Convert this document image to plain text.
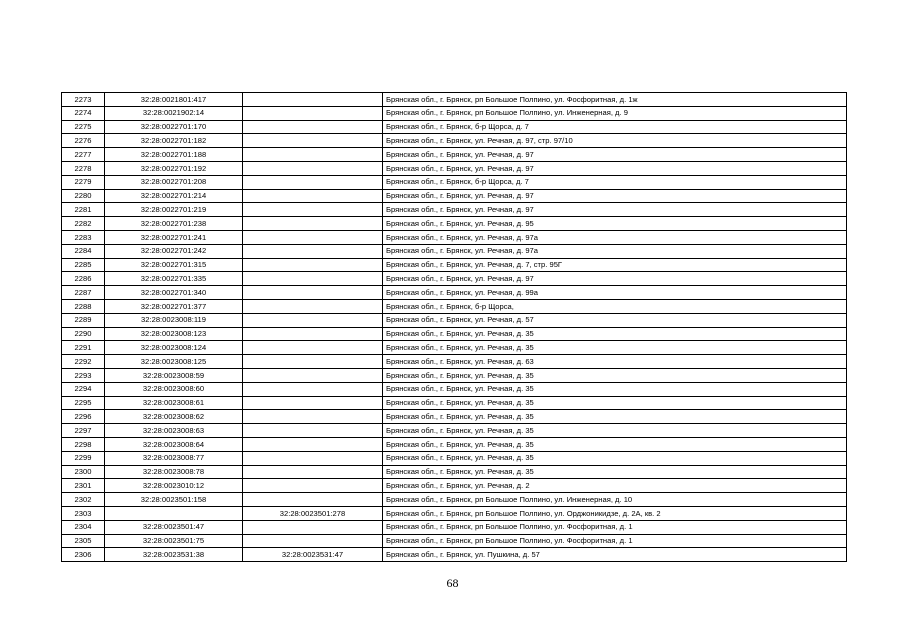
2273	32:28:0021801:417		Брянская обл., г. Брянск, рп Большое Полпино, ул. Фосфоритная, д. 1ж
2274	32:28:0021902:14		Брянская обл., г. Брянск, рп Большое Полпино, ул. Инженерная, д. 9
2275	32:28:0022701:170		Брянская обл., г. Брянск, б-р Щорса, д. 7
2276	32:28:0022701:182		Брянская обл., г. Брянск, ул. Речная, д. 97, стр. 97/10
2277	32:28:0022701:188		Брянская обл., г. Брянск, ул. Речная, д. 97
2278	32:28:0022701:192		Брянская обл., г. Брянск, ул. Речная, д. 97
2279	32:28:0022701:208		Брянская обл., г. Брянск, б-р Щорса, д. 7
2280	32:28:0022701:214		Брянская обл., г. Брянск, ул. Речная, д. 97
2281	32:28:0022701:219		Брянская обл., г. Брянск, ул. Речная, д. 97
2282	32:28:0022701:238		Брянская обл., г. Брянск, ул. Речная, д. 95
2283	32:28:0022701:241		Брянская обл., г. Брянск, ул. Речная, д. 97а
2284	32:28:0022701:242		Брянская обл., г. Брянск, ул. Речная, д. 97а
2285	32:28:0022701:315		Брянская обл., г. Брянск, ул. Речная, д. 7, стр. 95Г
2286	32:28:0022701:335		Брянская обл., г. Брянск, ул. Речная, д. 97
2287	32:28:0022701:340		Брянская обл., г. Брянск, ул. Речная, д. 99а
2288	32:28:0022701:377		Брянская обл., г. Брянск, б-р Щорса,
2289	32:28:0023008:119		Брянская обл., г. Брянск, ул. Речная, д. 57
2290	32:28:0023008:123		Брянская обл., г. Брянск, ул. Речная, д. 35
2291	32:28:0023008:124		Брянская обл., г. Брянск, ул. Речная, д. 35
2292	32:28:0023008:125		Брянская обл., г. Брянск, ул. Речная, д. 63
2293	32:28:0023008:59		Брянская обл., г. Брянск, ул. Речная, д. 35
2294	32:28:0023008:60		Брянская обл., г. Брянск, ул. Речная, д. 35
2295	32:28:0023008:61		Брянская обл., г. Брянск, ул. Речная, д. 35
2296	32:28:0023008:62		Брянская обл., г. Брянск, ул. Речная, д. 35
2297	32:28:0023008:63		Брянская обл., г. Брянск, ул. Речная, д. 35
2298	32:28:0023008:64		Брянская обл., г. Брянск, ул. Речная, д. 35
2299	32:28:0023008:77		Брянская обл., г. Брянск, ул. Речная, д. 35
2300	32:28:0023008:78		Брянская обл., г. Брянск, ул. Речная, д. 35
2301	32:28:0023010:12		Брянская обл., г. Брянск, ул. Речная, д. 2
2302	32:28:0023501:158		Брянская обл., г. Брянск, рп Большое Полпино, ул. Инженерная, д. 10
2303		32:28:0023501:278	Брянская обл., г. Брянск, рп Большое Полпино, ул. Орджоникидзе, д. 2А, кв. 2
2304	32:28:0023501:47		Брянская обл., г. Брянск, рп Большое Полпино, ул. Фосфоритная, д. 1
2305	32:28:0023501:75		Брянская обл., г. Брянск, рп Большое Полпино, ул. Фосфоритная, д. 1
2306	32:28:0023531:38	32:28:0023531:47	Брянская обл., г. Брянск, ул. Пушкина, д. 57
68
